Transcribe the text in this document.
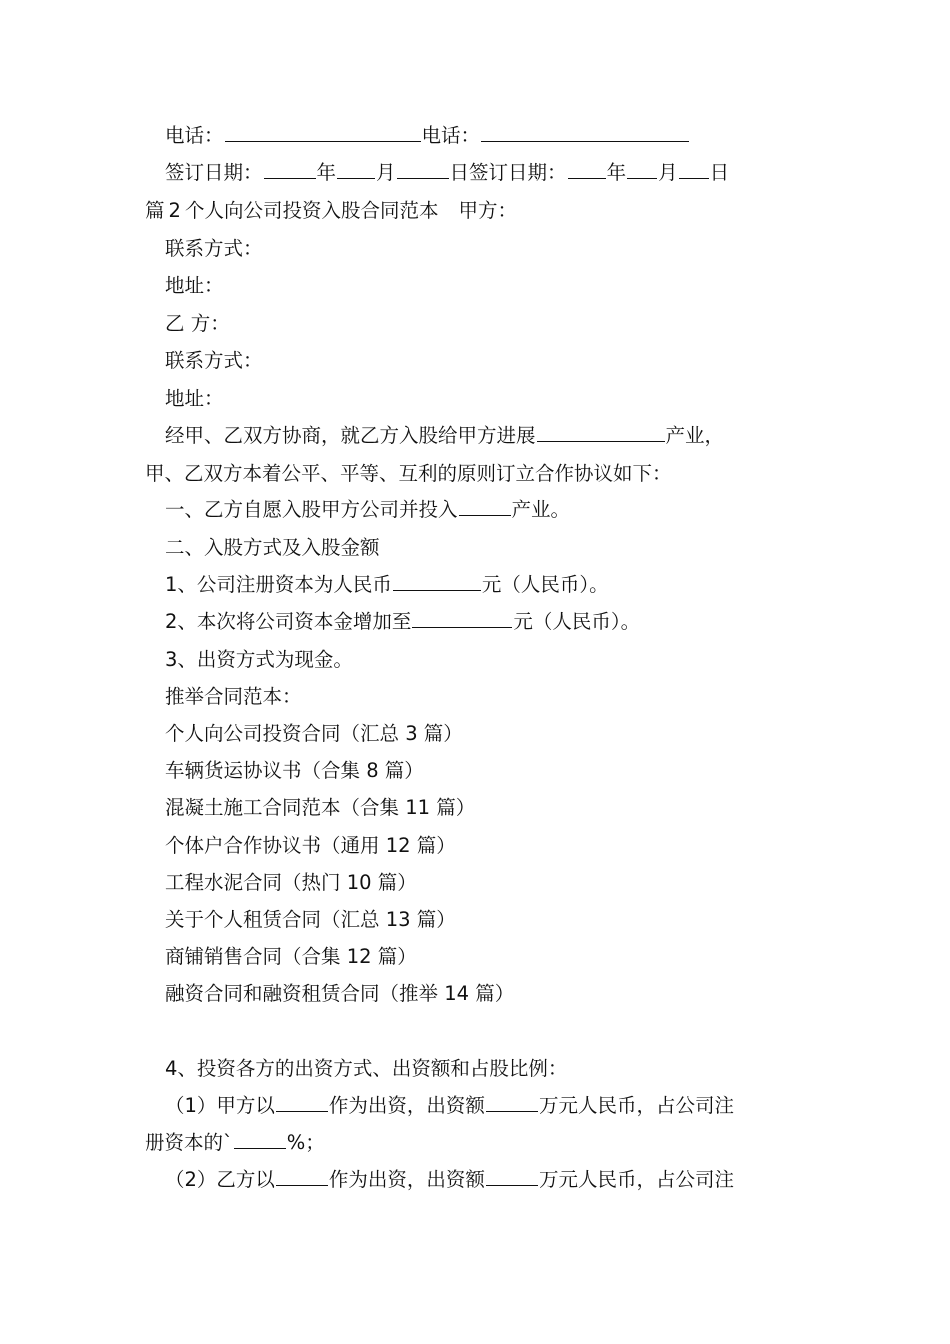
电话：	电话：
签订日期：	年 月	日签订日期： 年 月 日
篇 2 个人向公司投资入股合同范本 甲方：
联系方式：
地址：
乙 方：
联系方式：
地址：
经甲、乙双方协商，就乙方入股给甲方进展	产业，
甲、乙双方本着公平、平等、互利的原则订立合作协议如下：
一、乙方自愿入股甲方公司并投入	产业。
二、入股方式及入股金额
1、公司注册资本为人民币	元（人民币）。
2、本次将公司资本金增加至	元（人民币）。
3、出资方式为现金。
推举合同范本：
个人向公司投资合同（汇总 3 篇）
车辆货运协议书（合集 8 篇）
混凝土施工合同范本（合集 11 篇）
个体户合作协议书（通用 12 篇）
工程水泥合同（热门 10 篇）
关于个人租赁合同（汇总 13 篇）
商铺销售合同（合集 12 篇）
融资合同和融资租赁合同（推举 14 篇）
4、投资各方的出资方式、出资额和占股比例：
（1）甲方以	作为出资，出资额	万元人民币，占公司注
册资本的`	%；
（2）乙方以	作为出资，出资额	万元人民币，占公司注
